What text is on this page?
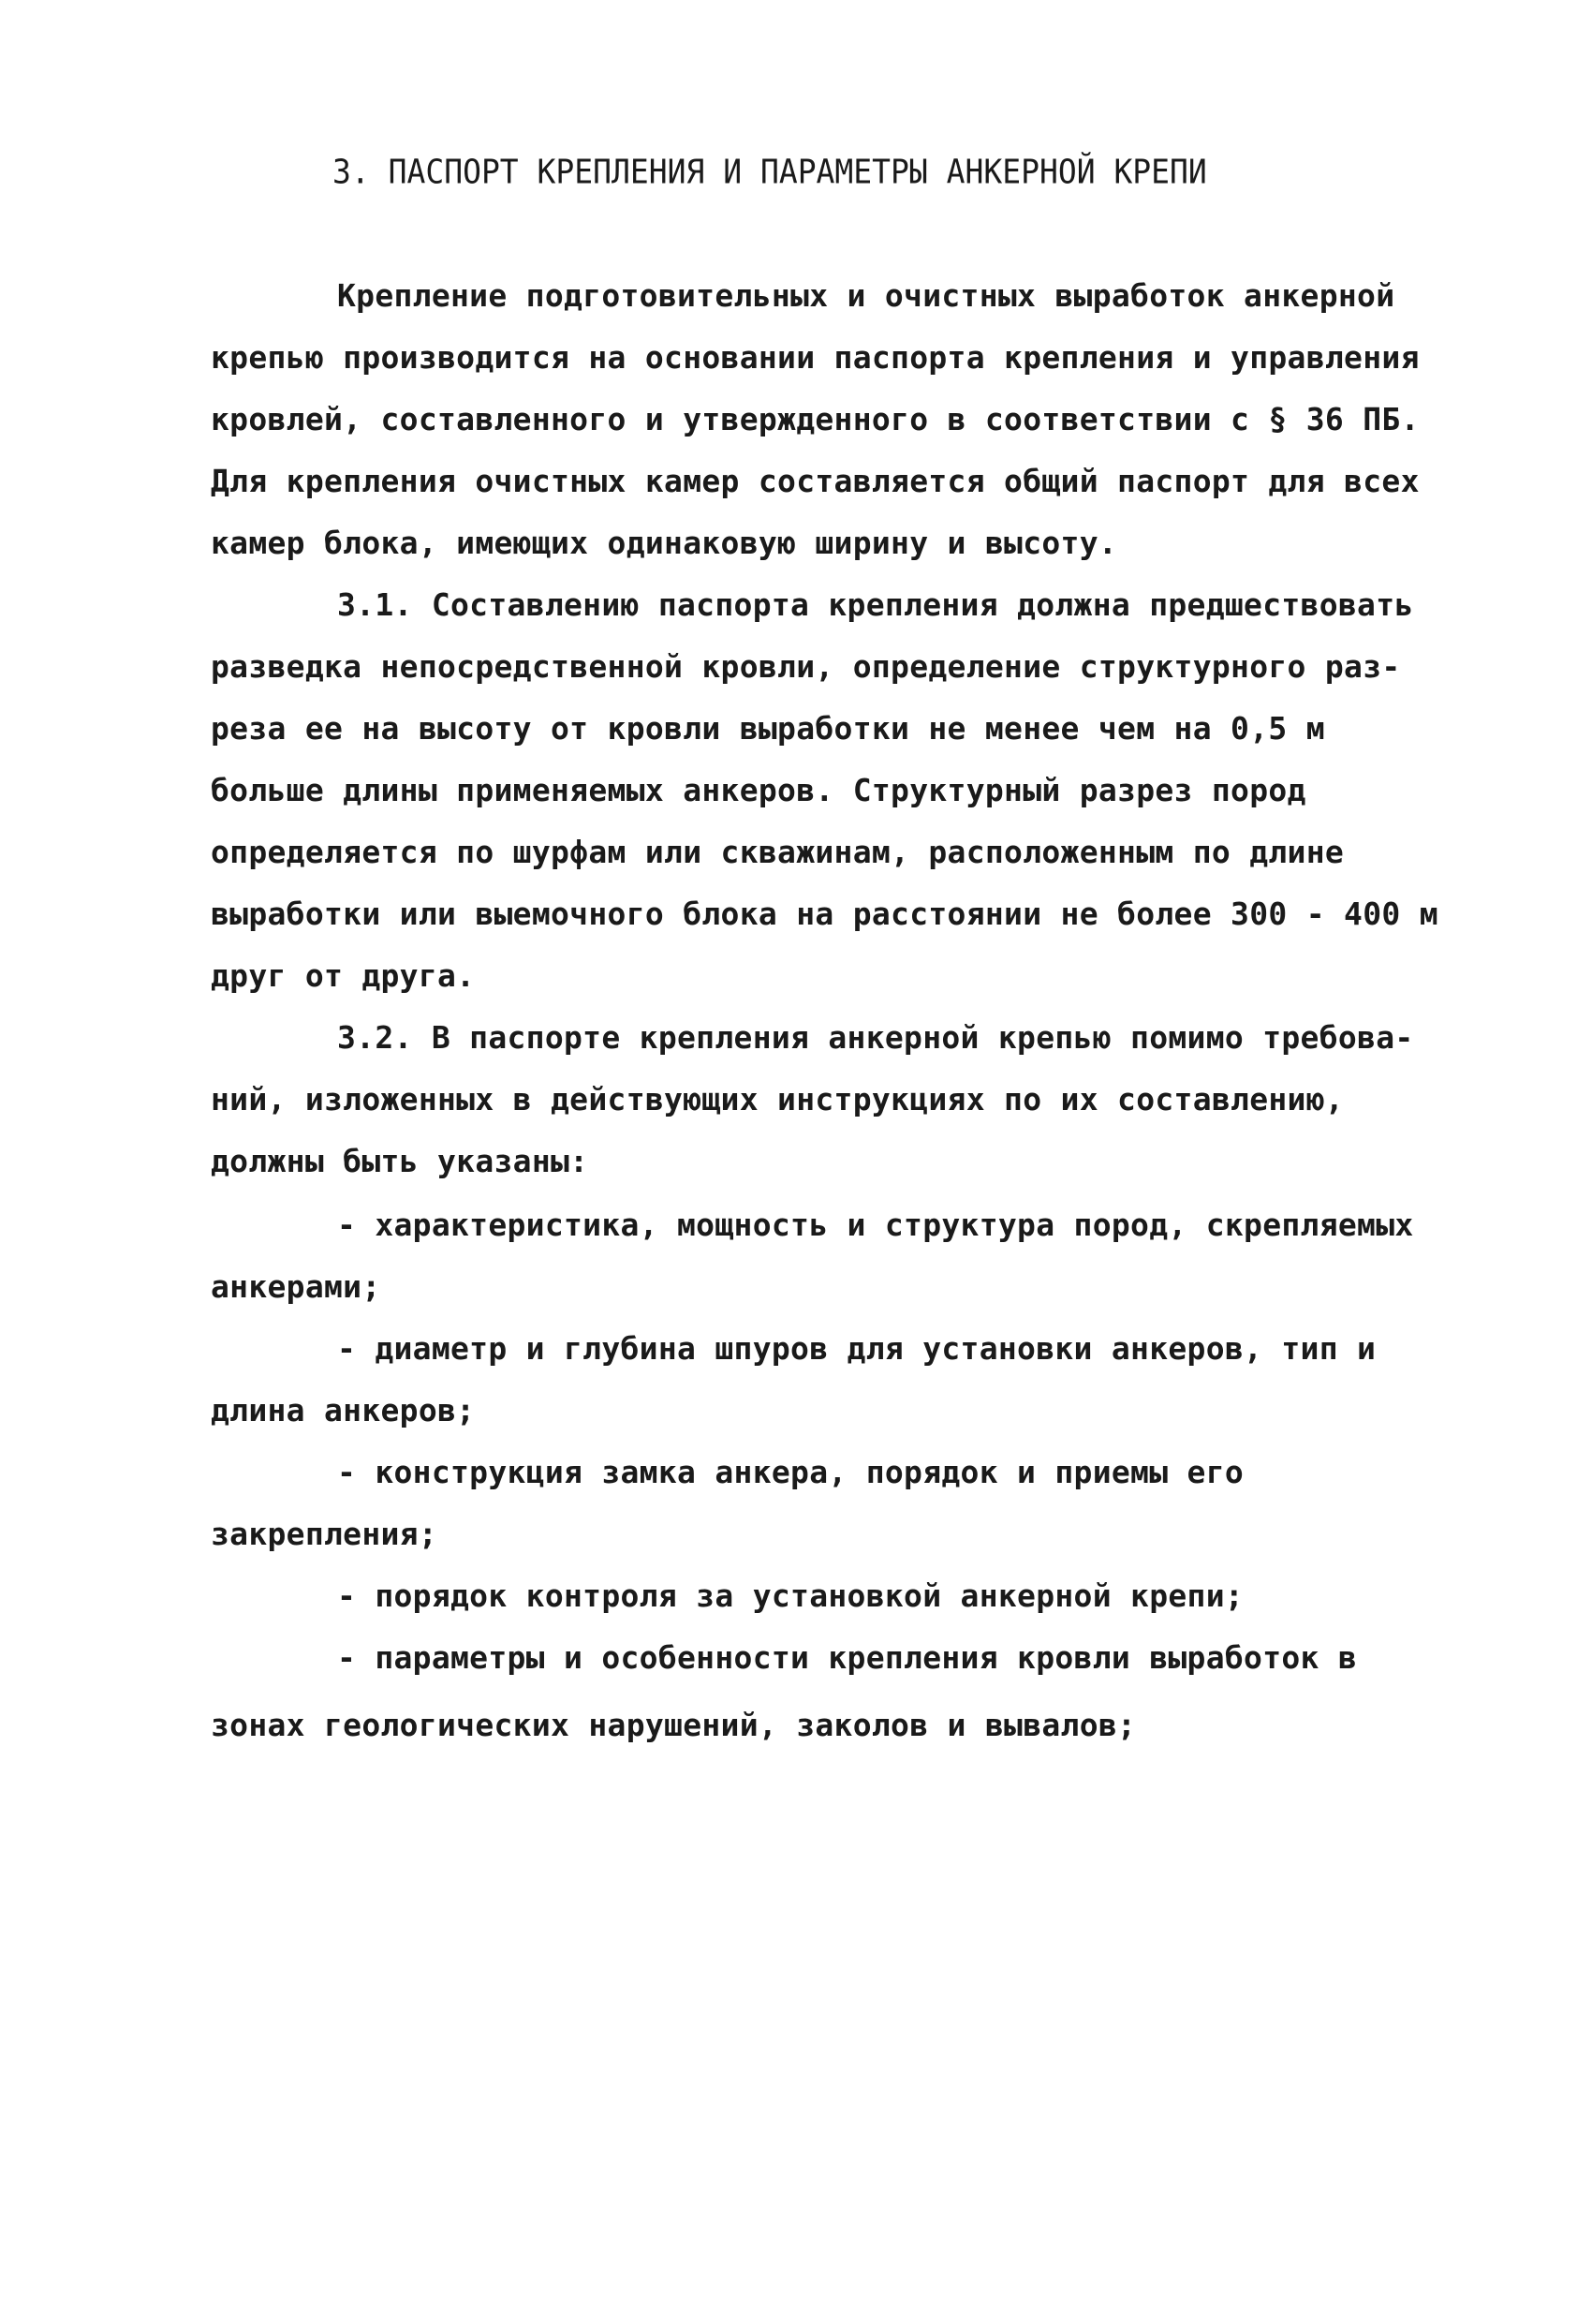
3. ПАСПОРТ КРЕПЛЕНИЯ И ПАРАМЕТРЫ АНКЕРНОЙ КРЕПИ
Крепление подготовительных и очистных выработок анкерной
крепью производится на основании паспорта крепления и управления
кровлей, составленного и утвержденного в соответствии с § 36 ПБ.
Для крепления очистных камер составляется общий паспорт для всех
камер блока, имеющих одинаковую ширину и высоту.
3.1. Составлению паспорта крепления должна предшествовать
разведка непосредственной кровли, определение структурного раз-
реза ее на высоту от кровли выработки не менее чем на 0,5 м
больше длины применяемых анкеров. Структурный разрез пород
определяется по шурфам или скважинам, расположенным по длине
выработки или выемочного блока на расстоянии не более 300 - 400 м
друг от друга.
3.2. В паспорте крепления анкерной крепью помимо требова-
ний, изложенных в действующих инструкциях по их составлению,
должны быть указаны:
- характеристика, мощность и структура пород, скрепляемых
анкерами;
- диаметр и глубина шпуров для установки анкеров, тип и
длина анкеров;
- конструкция замка анкера, порядок и приемы его
закрепления;
- порядок контроля за установкой анкерной крепи;
- параметры и особенности крепления кровли выработок в
зонах геологических нарушений, заколов и вывалов;
